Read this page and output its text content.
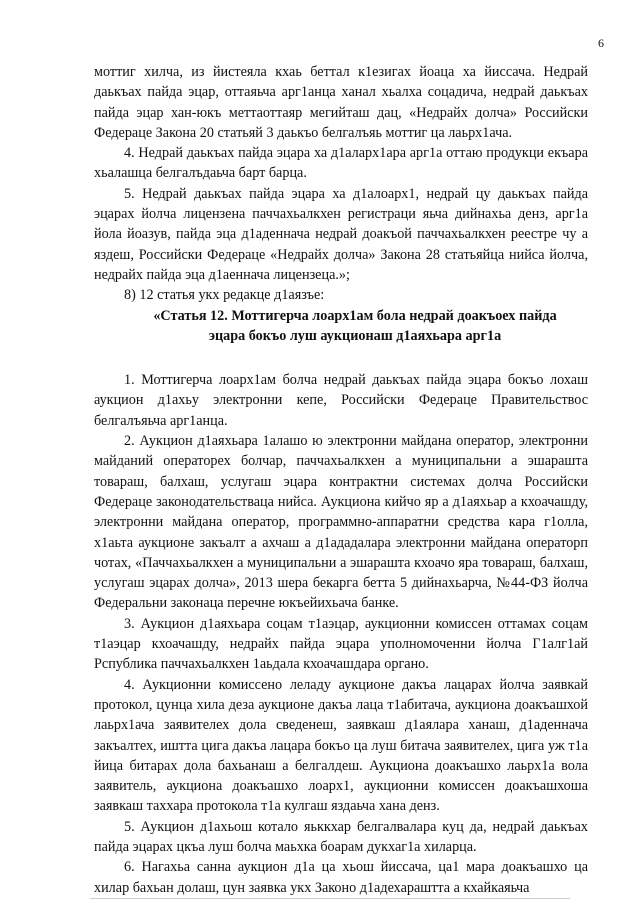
6

моттиг хилча, из йистеяла кхаь беттал к1езигах йоаца ха йиссача. Недрай даькъах пайда эцар, оттаяьча арг1анца ханал хьалха соцадича, недрай даькъах пайда эцар хан-юкъ меттаоттаяр мегийташ дац, «Недрайх долча» Российски Федераце Закона 20 статьяй 3 даькъо белгалъяь моттиг ца лаьрх1ача.

4. Недрай даькъах пайда эцара ха д1аларх1ара арг1а оттаю продукци екъара хьалашца белгалъдаьча барт барца.

5. Недрай даькъах пайда эцара ха д1алоарх1, недрай цу даькъах пайда эцарах йолча лицензена паччахьалкхен регистраци яьча дийнахьа денз, арг1а йола йоазув, пайда эца д1аденнача недрай доакъой паччахьалкхен реестре чу а яздеш, Российски Федераце «Недрайх долча» Закона 28 статьяйца нийса йолча, недрайх пайда эца д1аеннача лицензеца.»;

8) 12 статья укх редакце д1аязъе:

«Статья 12. Моттигерча лоарх1ам бола недрай доакъоех пайда

эцара бокъо луш аукционаш д1аяхьара арг1а

1. Моттигерча лоарх1ам болча недрай даькъах пайда эцара бокъо лохаш аукцион д1ахьу электронни кепе, Российски Федераце Правительствос белгалъяьча арг1анца.

2. Аукцион д1аяхьара 1алашо ю электронни майдана оператор, электронни майданий операторех болчар, паччахьалкхен а муниципальни а эшарашта товараш, балхаш, услугаш эцара контрактни системах долча Российски Федераце законодательстваца нийса. Аукциона кийчо яр а д1аяхьар а кхоачашду, электронни майдана оператор, программно-аппаратни средства кара г1олла, х1аьта аукционе закъалт а ахчаш а д1ададалара электронни майдана операторп чотах, «Паччахьалкхен а муниципальни а эшарашта кхоачо яра товараш, балхаш, услугаш эцарах долча», 2013 шера бекарга бетта 5 дийнахьарча, №44-ФЗ йолча Федеральни законаца перечне юкъейихьача банке.

3. Аукцион д1аяхьара соцам т1аэцар, аукционни комиссен оттамах соцам т1аэцар кхоачашду, недрайх пайда эцара уполномоченни йолча Г1алг1ай Рспублика паччахьалкхен 1аьдала кхоачашдара органо.

4. Аукционни комиссено леладу аукционе дакъа лацарах йолча заявкай протокол, цунца хила деза аукционе дакъа лаца т1абитача, аукциона доакъашхой лаьрх1ача заявителех дола сведенеш, заявкаш д1аялара ханаш, д1аденнача закъалтех, иштта цига дакъа лацара бокъо ца луш битача заявителех, цига уж т1а йица битарах дола бахьанаш а белгалдеш. Аукциона доакъашхо лаьрх1а вола заявитель, аукциона доакъашхо лоарх1, аукционни комиссен доакъашхоша заявкаш таххара протокола т1а кулгаш яздаьча хана денз.

5. Аукцион д1ахьош котало яьккхар белгалвалара куц да, недрай даькъах пайда эцарах цкъа луш болча маьхка боарам дукхаг1а хиларца.

6. Нагахьа санна аукцион д1а ца хьош йиссача, ца1 мара доакъашхо ца хилар бахьан долаш, цун заявка укх Законо д1адехараштта а кхайкаяьча
